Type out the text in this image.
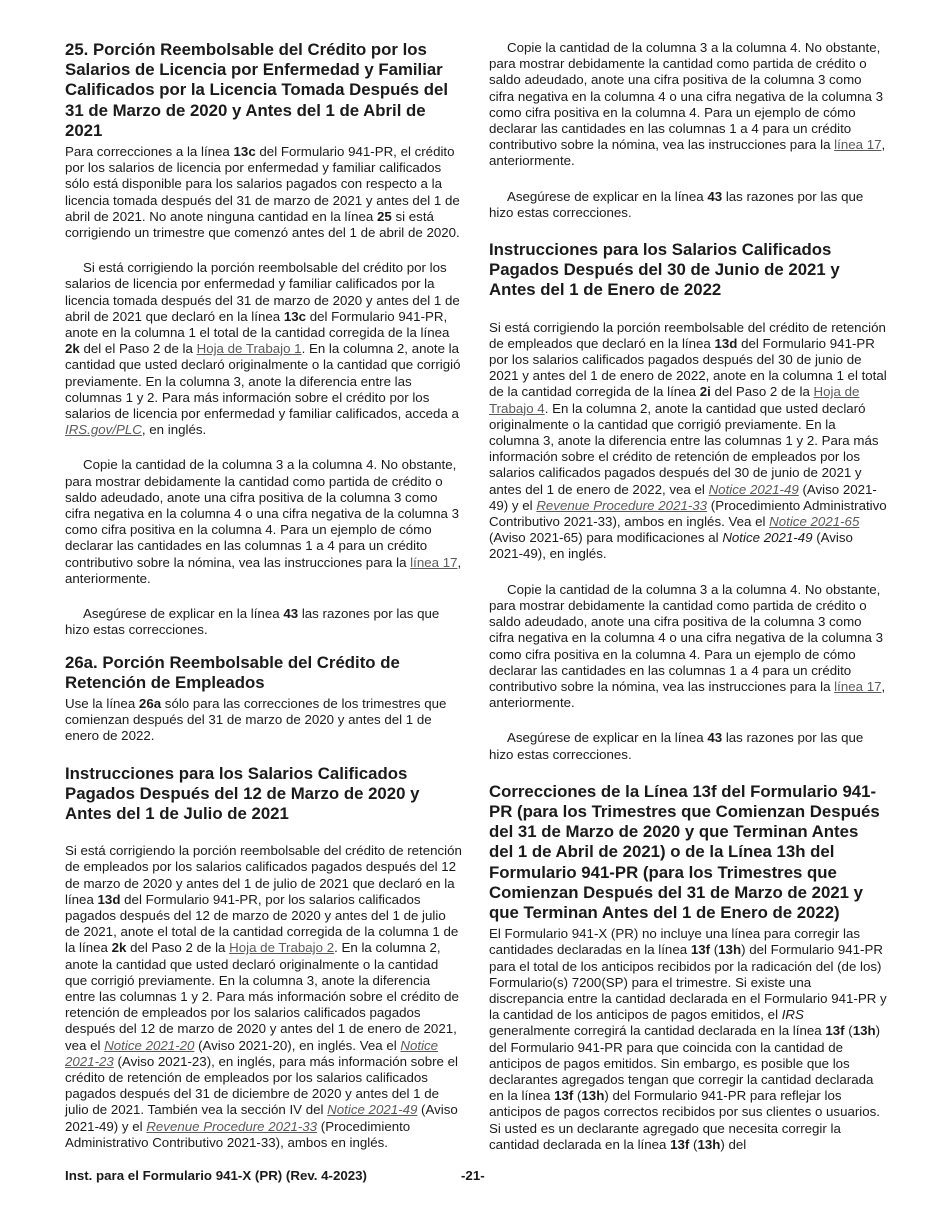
25. Porción Reembolsable del Crédito por los Salarios de Licencia por Enfermedad y Familiar Calificados por la Licencia Tomada Después del 31 de Marzo de 2020 y Antes del 1 de Abril de 2021

Para correcciones a la línea 13c del Formulario 941-PR, el crédito por los salarios de licencia por enfermedad y familiar calificados sólo está disponible para los salarios pagados con respecto a la licencia tomada después del 31 de marzo de 2021 y antes del 1 de abril de 2021. No anote ninguna cantidad en la línea 25 si está corrigiendo un trimestre que comenzó antes del 1 de abril de 2020.

Si está corrigiendo la porción reembolsable del crédito por los salarios de licencia por enfermedad y familiar calificados por la licencia tomada después del 31 de marzo de 2020 y antes del 1 de abril de 2021 que declaró en la línea 13c del Formulario 941-PR, anote en la columna 1 el total de la cantidad corregida de la línea 2k del el Paso 2 de la Hoja de Trabajo 1. En la columna 2, anote la cantidad que usted declaró originalmente o la cantidad que corrigió previamente. En la columna 3, anote la diferencia entre las columnas 1 y 2. Para más información sobre el crédito por los salarios de licencia por enfermedad y familiar calificados, acceda a IRS.gov/PLC, en inglés.

Copie la cantidad de la columna 3 a la columna 4. No obstante, para mostrar debidamente la cantidad como partida de crédito o saldo adeudado, anote una cifra positiva de la columna 3 como cifra negativa en la columna 4 o una cifra negativa de la columna 3 como cifra positiva en la columna 4. Para un ejemplo de cómo declarar las cantidades en las columnas 1 a 4 para un crédito contributivo sobre la nómina, vea las instrucciones para la línea 17, anteriormente.

Asegúrese de explicar en la línea 43 las razones por las que hizo estas correcciones.

26a. Porción Reembolsable del Crédito de Retención de Empleados

Use la línea 26a sólo para las correcciones de los trimestres que comienzan después del 31 de marzo de 2020 y antes del 1 de enero de 2022.

Instrucciones para los Salarios Calificados Pagados Después del 12 de Marzo de 2020 y Antes del 1 de Julio de 2021

Si está corrigiendo la porción reembolsable del crédito de retención de empleados por los salarios calificados pagados después del 12 de marzo de 2020 y antes del 1 de julio de 2021 que declaró en la línea 13d del Formulario 941-PR, por los salarios calificados pagados después del 12 de marzo de 2020 y antes del 1 de julio de 2021, anote el total de la cantidad corregida de la columna 1 de la línea 2k del Paso 2 de la Hoja de Trabajo 2. En la columna 2, anote la cantidad que usted declaró originalmente o la cantidad que corrigió previamente. En la columna 3, anote la diferencia entre las columnas 1 y 2. Para más información sobre el crédito de retención de empleados por los salarios calificados pagados después del 12 de marzo de 2020 y antes del 1 de enero de 2021, vea el Notice 2021-20 (Aviso 2021-20), en inglés. Vea el Notice 2021-23 (Aviso 2021-23), en inglés, para más información sobre el crédito de retención de empleados por los salarios calificados pagados después del 31 de diciembre de 2020 y antes del 1 de julio de 2021. También vea la sección IV del Notice 2021-49 (Aviso 2021-49) y el Revenue Procedure 2021-33 (Procedimiento Administrativo Contributivo 2021-33), ambos en inglés.

Copie la cantidad de la columna 3 a la columna 4. No obstante, para mostrar debidamente la cantidad como partida de crédito o saldo adeudado, anote una cifra positiva de la columna 3 como cifra negativa en la columna 4 o una cifra negativa de la columna 3 como cifra positiva en la columna 4. Para un ejemplo de cómo declarar las cantidades en las columnas 1 a 4 para un crédito contributivo sobre la nómina, vea las instrucciones para la línea 17, anteriormente.

Asegúrese de explicar en la línea 43 las razones por las que hizo estas correcciones.

Instrucciones para los Salarios Calificados Pagados Después del 30 de Junio de 2021 y Antes del 1 de Enero de 2022

Si está corrigiendo la porción reembolsable del crédito de retención de empleados que declaró en la línea 13d del Formulario 941-PR por los salarios calificados pagados después del 30 de junio de 2021 y antes del 1 de enero de 2022, anote en la columna 1 el total de la cantidad corregida de la línea 2i del Paso 2 de la Hoja de Trabajo 4. En la columna 2, anote la cantidad que usted declaró originalmente o la cantidad que corrigió previamente. En la columna 3, anote la diferencia entre las columnas 1 y 2. Para más información sobre el crédito de retención de empleados por los salarios calificados pagados después del 30 de junio de 2021 y antes del 1 de enero de 2022, vea el Notice 2021-49 (Aviso 2021-49) y el Revenue Procedure 2021-33 (Procedimiento Administrativo Contributivo 2021-33), ambos en inglés. Vea el Notice 2021-65 (Aviso 2021-65) para modificaciones al Notice 2021-49 (Aviso 2021-49), en inglés.

Copie la cantidad de la columna 3 a la columna 4. No obstante, para mostrar debidamente la cantidad como partida de crédito o saldo adeudado, anote una cifra positiva de la columna 3 como cifra negativa en la columna 4 o una cifra negativa de la columna 3 como cifra positiva en la columna 4. Para un ejemplo de cómo declarar las cantidades en las columnas 1 a 4 para un crédito contributivo sobre la nómina, vea las instrucciones para la línea 17, anteriormente.

Asegúrese de explicar en la línea 43 las razones por las que hizo estas correcciones.

Correcciones de la Línea 13f del Formulario 941-PR (para los Trimestres que Comienzan Después del 31 de Marzo de 2020 y que Terminan Antes del 1 de Abril de 2021) o de la Línea 13h del Formulario 941-PR (para los Trimestres que Comienzan Después del 31 de Marzo de 2021 y que Terminan Antes del 1 de Enero de 2022)

El Formulario 941-X (PR) no incluye una línea para corregir las cantidades declaradas en la línea 13f (13h) del Formulario 941-PR para el total de los anticipos recibidos por la radicación del (de los) Formulario(s) 7200(SP) para el trimestre. Si existe una discrepancia entre la cantidad declarada en el Formulario 941-PR y la cantidad de los anticipos de pagos emitidos, el IRS generalmente corregirá la cantidad declarada en la línea 13f (13h) del Formulario 941-PR para que coincida con la cantidad de anticipos de pagos emitidos. Sin embargo, es posible que los declarantes agregados tengan que corregir la cantidad declarada en la línea 13f (13h) del Formulario 941-PR para reflejar los anticipos de pagos correctos recibidos por sus clientes o usuarios. Si usted es un declarante agregado que necesita corregir la cantidad declarada en la línea 13f (13h) del

Inst. para el Formulario 941-X (PR) (Rev. 4-2023)	-21-
